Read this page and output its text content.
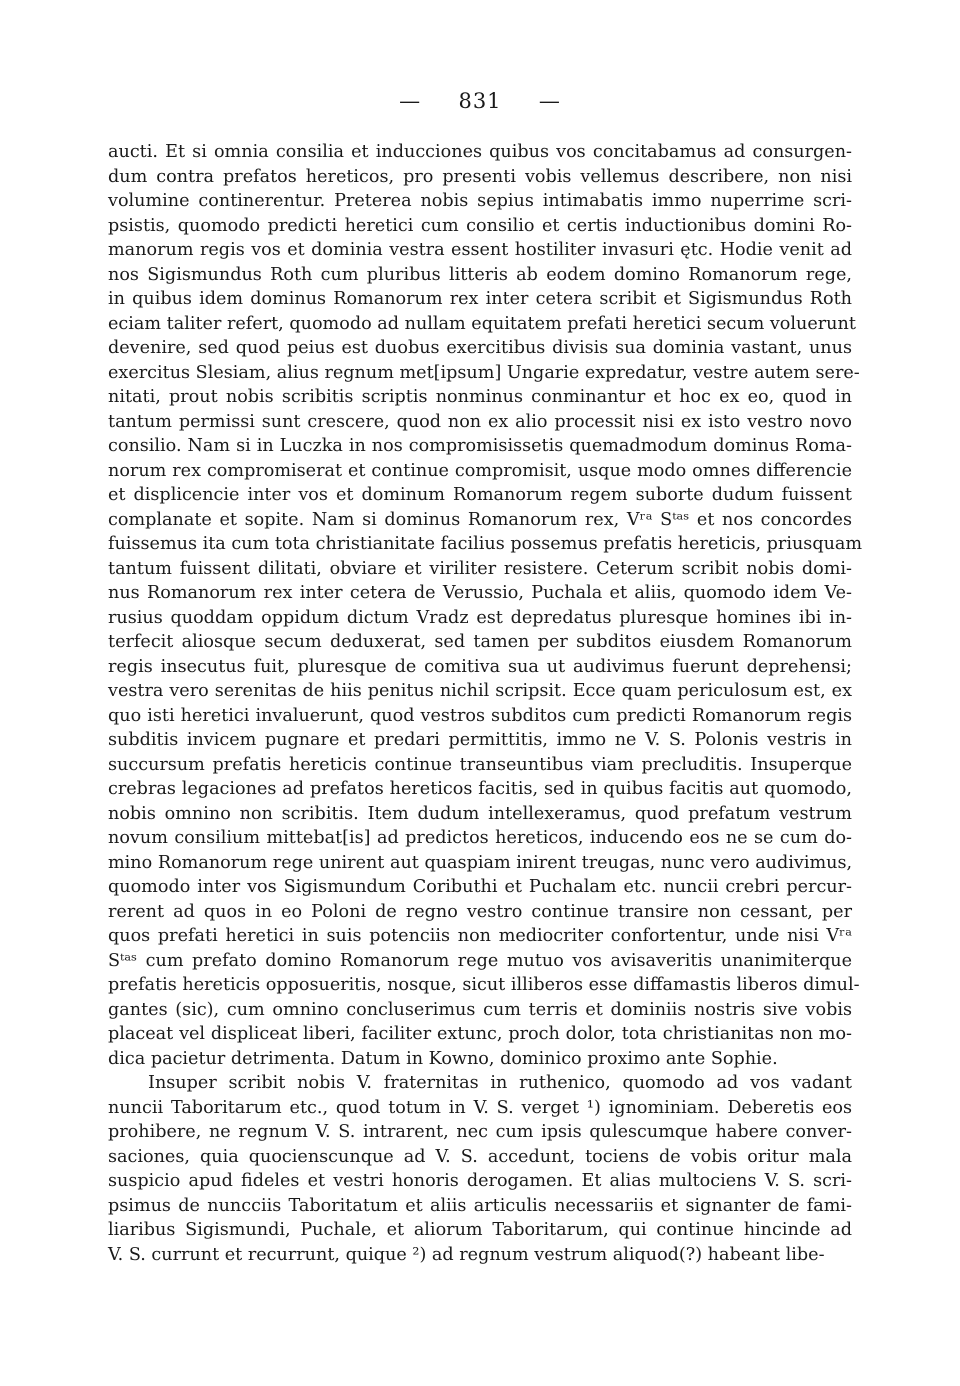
— 831 —
aucti. Et si omnia consilia et inducciones quibus vos concitabamus ad consurgen-
dum contra prefatos hereticos, pro presenti vobis vellemus describere, non nisi
volumine continerentur. Preterea nobis sepius intimabatis immo nuperrime scri-
psistis, quomodo predicti heretici cum consilio et certis inductionibus domini Ro-
manorum regis vos et dominia vestra essent hostiliter invasuri ętc. Hodie venit ad
nos Sigismundus Roth cum pluribus litteris ab eodem domino Romanorum rege,
in quibus idem dominus Romanorum rex inter cetera scribit et Sigismundus Roth
eciam taliter refert, quomodo ad nullam equitatem prefati heretici secum voluerunt
devenire, sed quod peius est duobus exercitibus divisis sua dominia vastant, unus
exercitus Slesiam, alius regnum met[ipsum] Ungarie expredatur, vestre autem sere-
nitati, prout nobis scribitis scriptis nonminus conminantur et hoc ex eo, quod in
tantum permissi sunt crescere, quod non ex alio processit nisi ex isto vestro novo
consilio. Nam si in Luczka in nos compromisissetis quemadmodum dominus Roma-
norum rex compromiserat et continue compromisit, usque modo omnes differencie
et displicencie inter vos et dominum Romanorum regem suborte dudum fuissent
complanate et sopite. Nam si dominus Romanorum rex, Vʳᵃ Sᵗᵃˢ et nos concordes
fuissemus ita cum tota christianitate facilius possemus prefatis hereticis, priusquam
tantum fuissent dilitati, obviare et viriliter resistere. Ceterum scribit nobis domi-
nus Romanorum rex inter cetera de Verussio, Puchala et aliis, quomodo idem Ve-
rusius quoddam oppidum dictum Vradz est depredatus pluresque homines ibi in-
terfecit aliosque secum deduxerat, sed tamen per subditos eiusdem Romanorum
regis insecutus fuit, pluresque de comitiva sua ut audivimus fuerunt deprehensi;
vestra vero serenitas de hiis penitus nichil scripsit. Ecce quam periculosum est, ex
quo isti heretici invaluerunt, quod vestros subditos cum predicti Romanorum regis
subditis invicem pugnare et predari permittitis, immo ne V. S. Polonis vestris in
succursum prefatis hereticis continue transeuntibus viam precluditis. Insuperque
crebras legaciones ad prefatos hereticos facitis, sed in quibus facitis aut quomodo,
nobis omnino non scribitis. Item dudum intellexeramus, quod prefatum vestrum
novum consilium mittebat[is] ad predictos hereticos, inducendo eos ne se cum do-
mino Romanorum rege unirent aut quaspiam inirent treugas, nunc vero audivimus,
quomodo inter vos Sigismundum Coributhi et Puchalam etc. nuncii crebri percur-
rerent ad quos in eo Poloni de regno vestro continue transire non cessant, per
quos prefati heretici in suis potenciis non mediocriter confortentur, unde nisi Vʳᵃ
Sᵗᵃˢ cum prefato domino Romanorum rege mutuo vos avisaveritis unanimiterque
prefatis hereticis opposueritis, nosque, sicut illiberos esse diffamastis liberos dimul-
gantes (sic), cum omnino concluserimus cum terris et dominiis nostris sive vobis
placeat vel displiceat liberi, faciliter extunc, proch dolor, tota christianitas non mo-
dica pacietur detrimenta. Datum in Kowno, dominico proximo ante Sophie.
Insuper scribit nobis V. fraternitas in ruthenico, quomodo ad vos vadant
nuncii Taboritarum etc., quod totum in V. S. verget ¹) ignominiam. Deberetis eos
prohibere, ne regnum V. S. intrarent, nec cum ipsis qulescumque habere conver-
saciones, quia quocienscunque ad V. S. accedunt, tociens de vobis oritur mala
suspicio apud fideles et vestri honoris derogamen. Et alias multociens V. S. scri-
psimus de nuncciis Taboritatum et aliis articulis necessariis et signanter de fami-
liaribus Sigismundi, Puchale, et aliorum Taboritarum, qui continue hincinde ad
V. S. currunt et recurrunt, quique ²) ad regnum vestrum aliquod(?) habeant libe-
